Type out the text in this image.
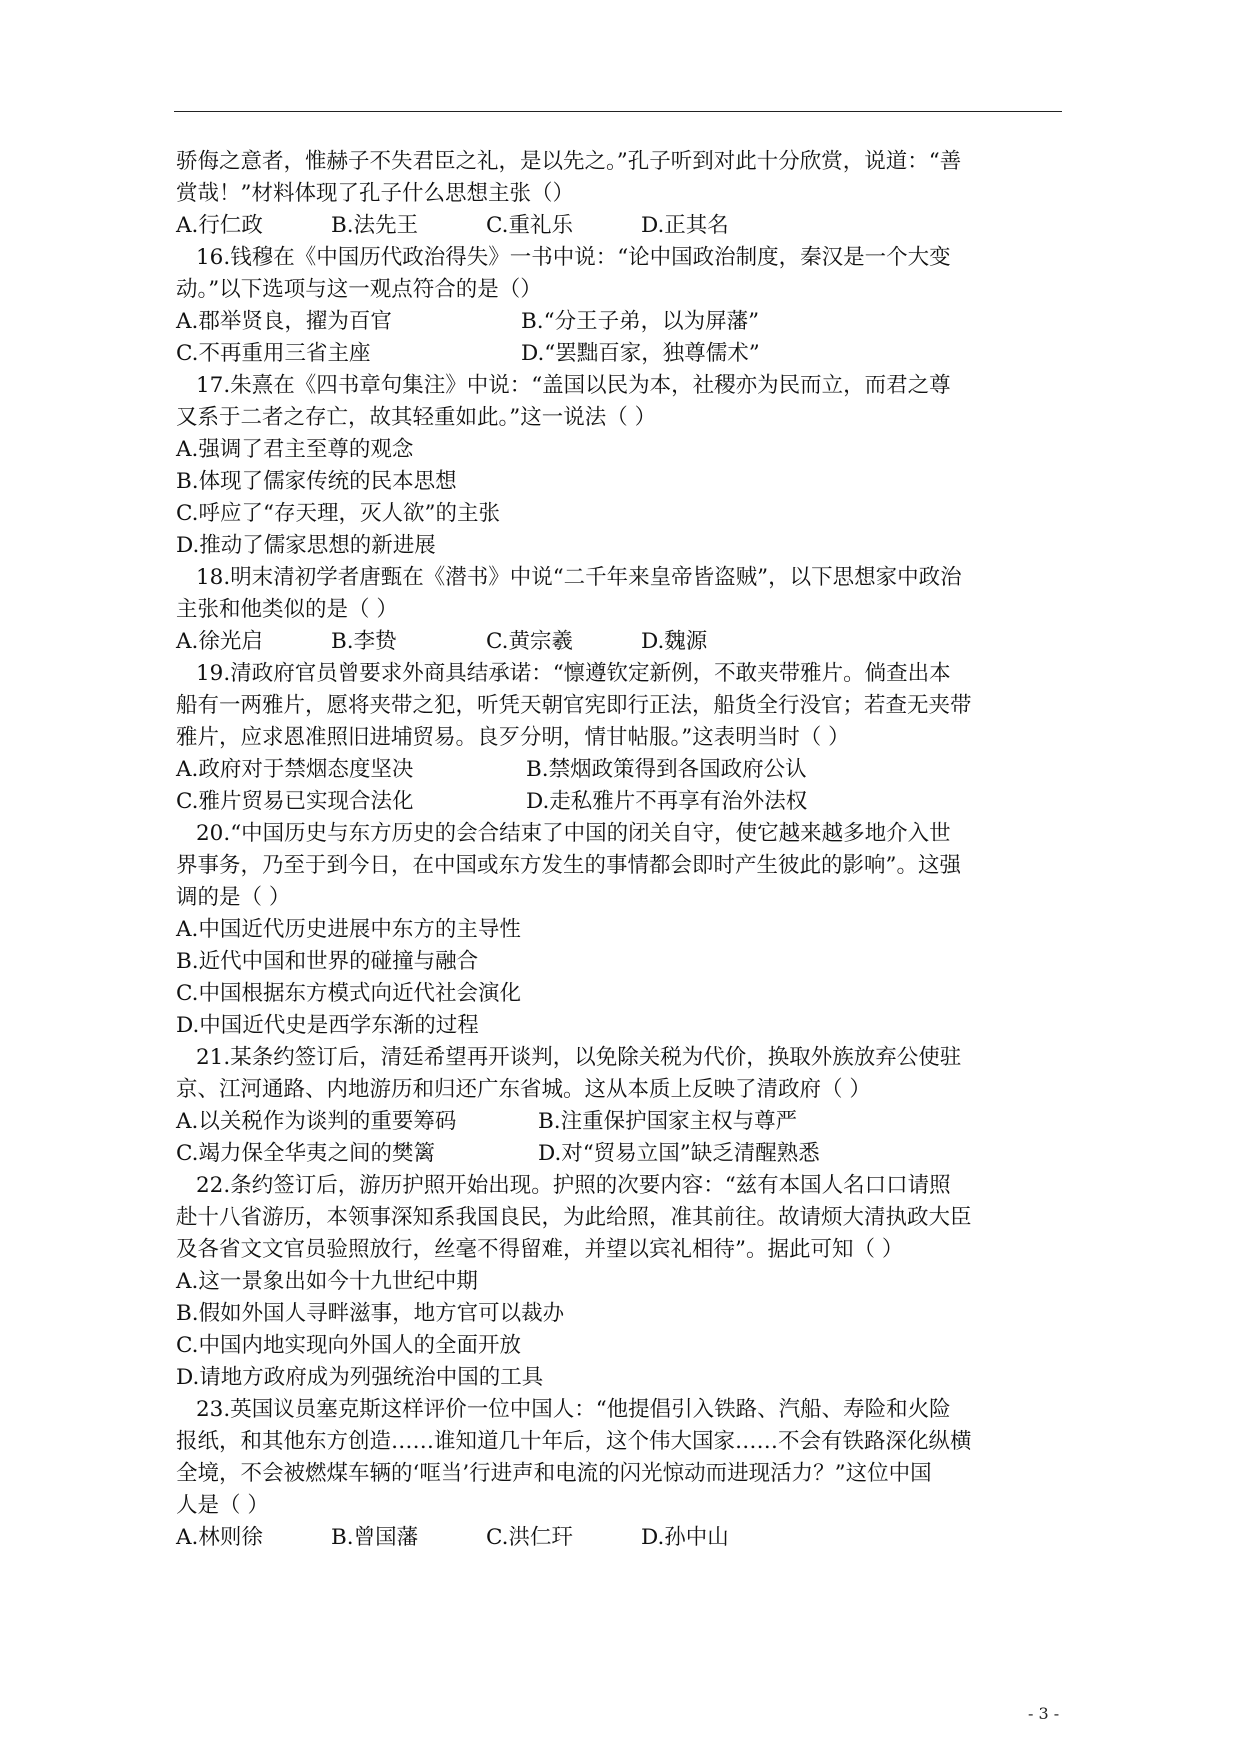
骄侮之意者，惟赫子不失君臣之礼，是以先之。”孔子听到对此十分欣赏，说道：“善
赏哉！”材料体现了孔子什么思想主张（）
A.行仁政	B.法先王	C.重礼乐	D.正其名
16.钱穆在《中国历代政治得失》一书中说：“论中国政治制度，秦汉是一个大变
动。”以下选项与这一观点符合的是（）
A.郡举贤良，擢为百官	B.“分王子弟，以为屏藩”
C.不再重用三省主座	D.“罢黜百家，独尊儒术”
17.朱熹在《四书章句集注》中说：“盖国以民为本，社稷亦为民而立，而君之尊
又系于二者之存亡，故其轻重如此。”这一说法（ ）
A.强调了君主至尊的观念
B.体现了儒家传统的民本思想
C.呼应了“存天理，灭人欲”的主张
D.推动了儒家思想的新进展
18.明末清初学者唐甄在《潜书》中说“二千年来皇帝皆盗贼”，以下思想家中政治
主张和他类似的是（ ）
A.徐光启	B.李贽	C.黄宗羲	D.魏源
19.清政府官员曾要求外商具结承诺：“懔遵钦定新例，不敢夹带雅片。倘查出本
船有一两雅片，愿将夹带之犯，听凭天朝官宪即行正法，船货全行没官；若查无夹带
雅片，应求恩准照旧进埔贸易。良歹分明，情甘帖服。”这表明当时（ ）
A.政府对于禁烟态度坚决	B.禁烟政策得到各国政府公认
C.雅片贸易已实现合法化	D.走私雅片不再享有治外法权
20.“中国历史与东方历史的会合结束了中国的闭关自守，使它越来越多地介入世
界事务，乃至于到今日，在中国或东方发生的事情都会即时产生彼此的影响”。这强
调的是（ ）
A.中国近代历史进展中东方的主导性
B.近代中国和世界的碰撞与融合
C.中国根据东方模式向近代社会演化
D.中国近代史是西学东渐的过程
21.某条约签订后，清廷希望再开谈判，以免除关税为代价，换取外族放弃公使驻
京、江河通路、内地游历和归还广东省城。这从本质上反映了清政府（ ）
A.以关税作为谈判的重要筹码	B.注重保护国家主权与尊严
C.竭力保全华夷之间的樊篱	D.对“贸易立国”缺乏清醒熟悉
22.条约签订后，游历护照开始出现。护照的次要内容：“兹有本国人名口口请照
赴十八省游历，本领事深知系我国良民，为此给照，准其前往。故请烦大清执政大臣
及各省文文官员验照放行，丝毫不得留难，并望以宾礼相待”。据此可知（ ）
A.这一景象出如今十九世纪中期
B.假如外国人寻畔滋事，地方官可以裁办
C.中国内地实现向外国人的全面开放
D.请地方政府成为列强统治中国的工具
23.英国议员塞克斯这样评价一位中国人：“他提倡引入铁路、汽船、寿险和火险
报纸，和其他东方创造……谁知道几十年后，这个伟大国家……不会有铁路深化纵横
全境，不会被燃煤车辆的‘哐当’行进声和电流的闪光惊动而进现活力？”这位中国
人是（ ）
A.林则徐	B.曾国藩	C.洪仁玕	D.孙中山
- 3 -
